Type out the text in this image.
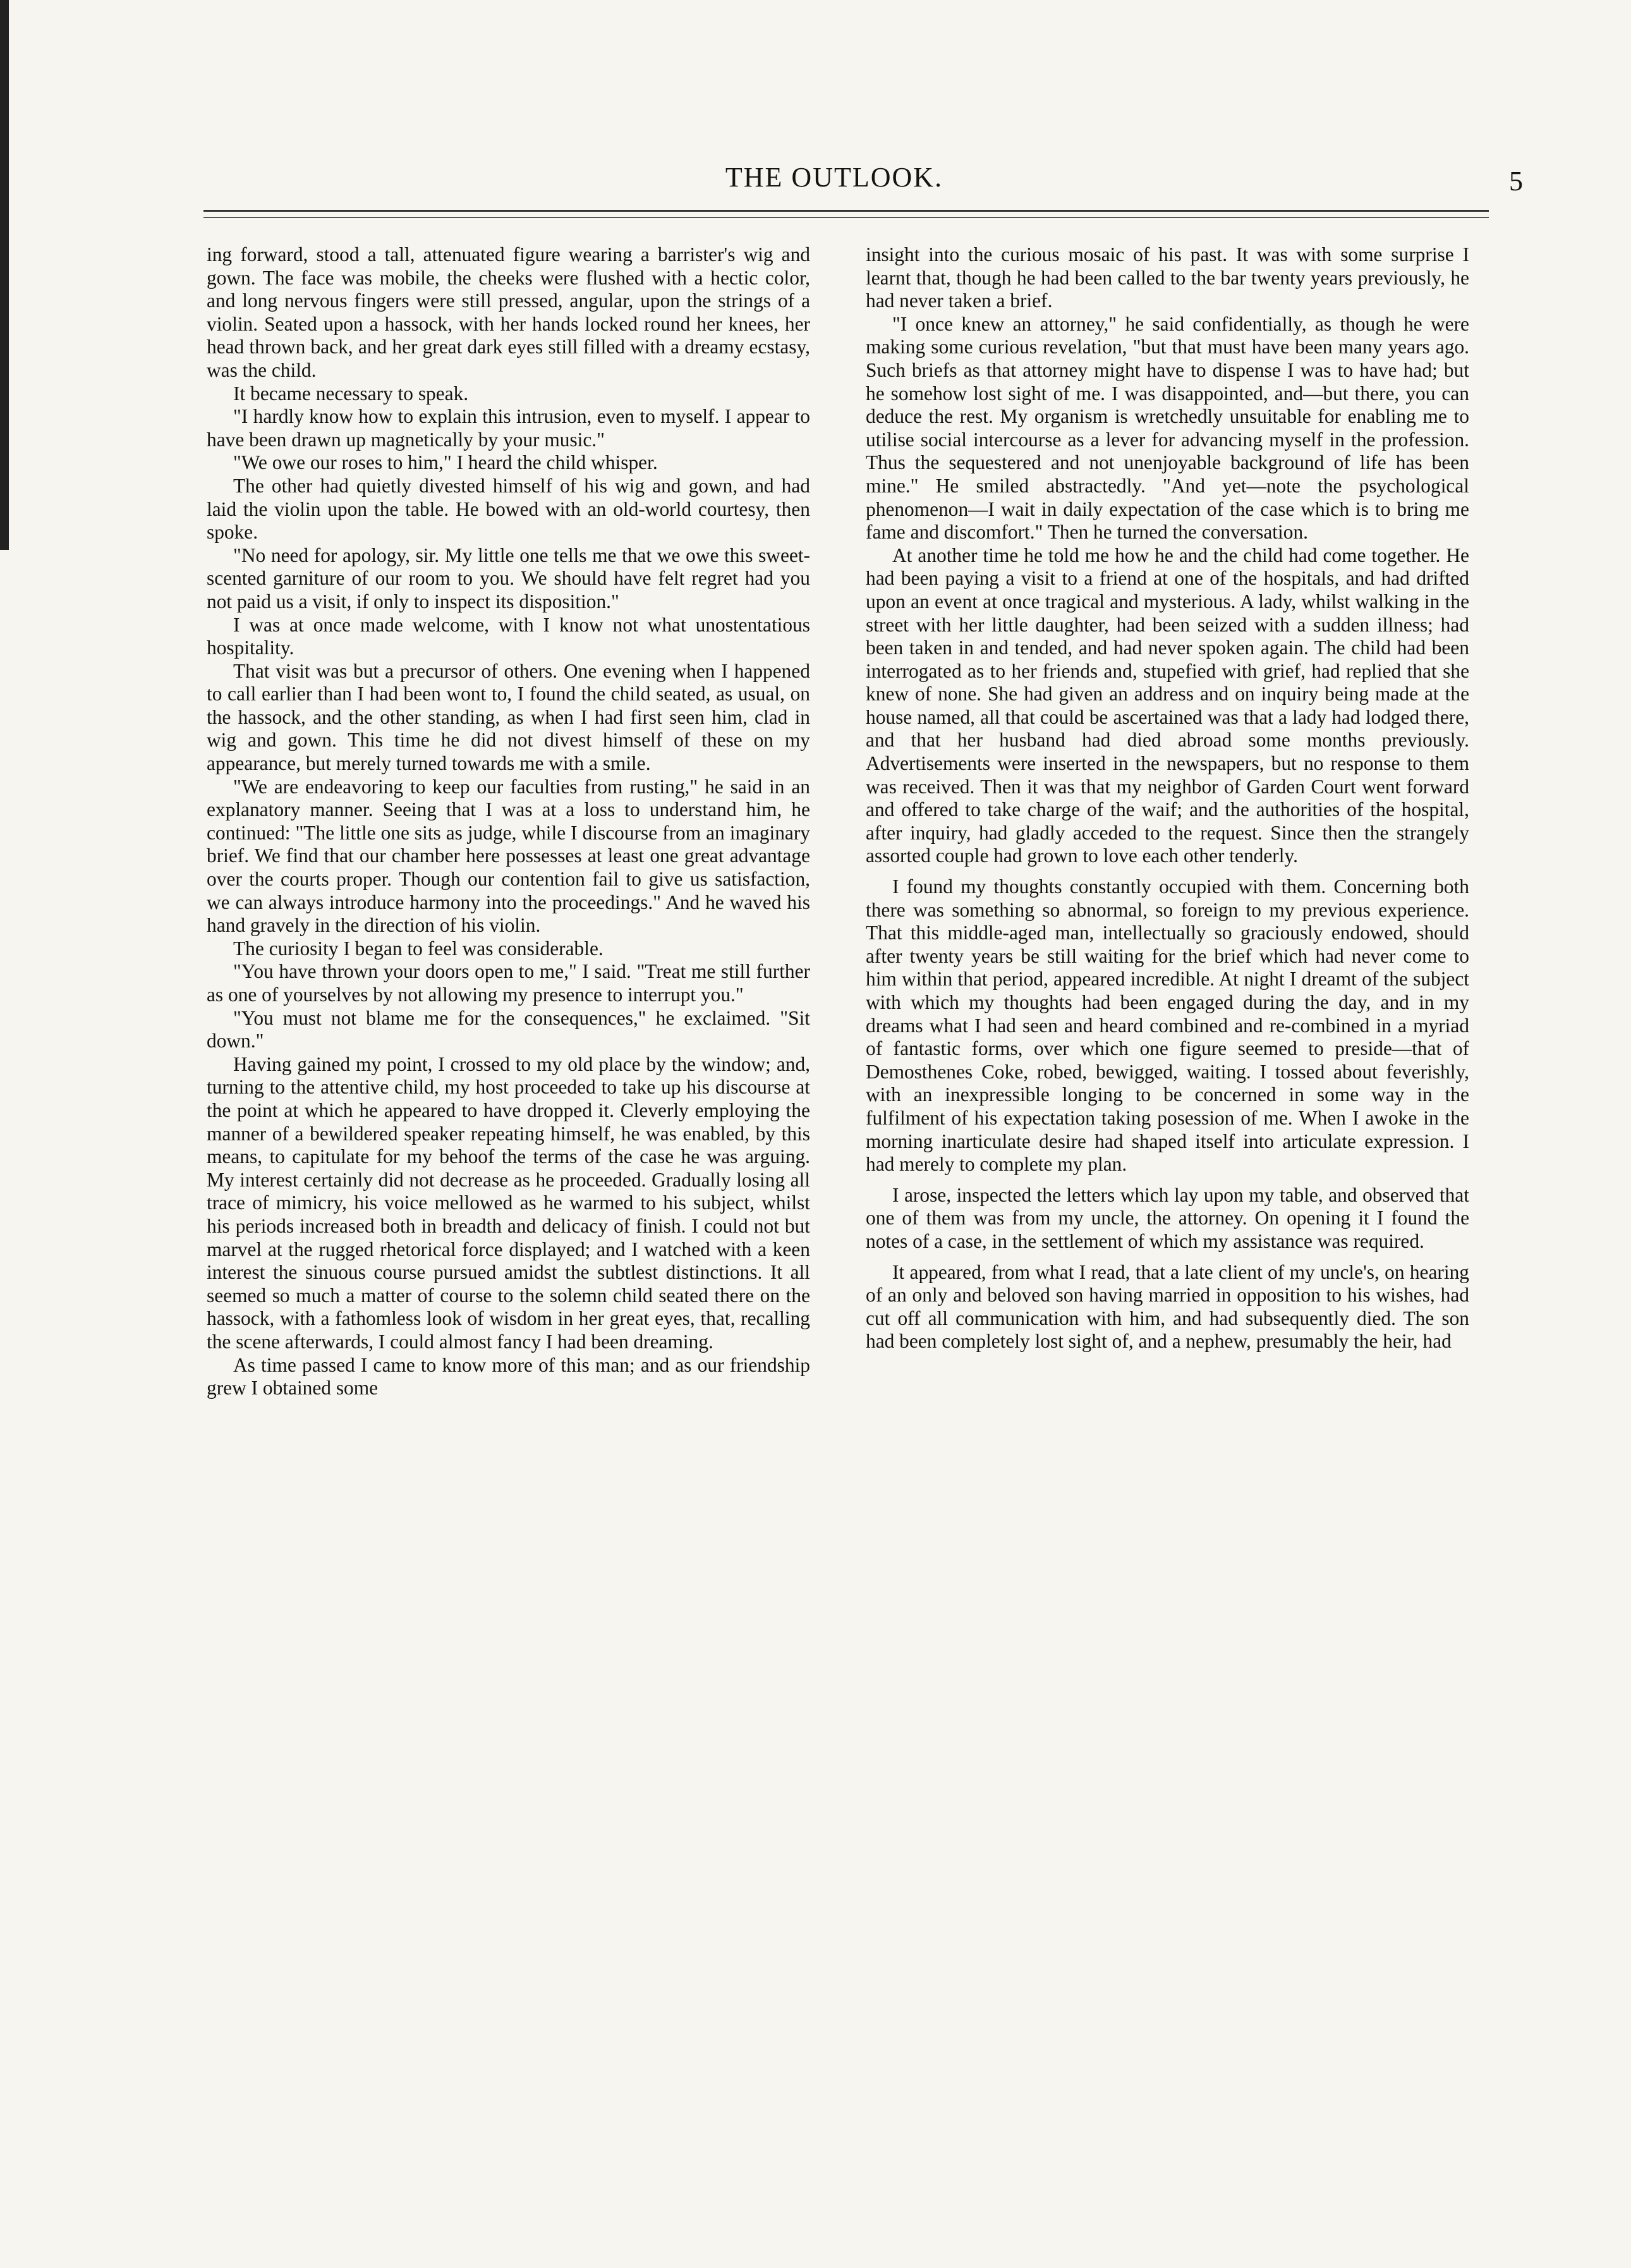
THE OUTLOOK.	5

ing forward, stood a tall, attenuated figure wearing a barrister's wig and gown. The face was mobile, the cheeks were flushed with a hectic color, and long nervous fingers were still pressed, angular, upon the strings of a violin. Seated upon a hassock, with her hands locked round her knees, her head thrown back, and her great dark eyes still filled with a dreamy ecstasy, was the child.

It became necessary to speak.

"I hardly know how to explain this intrusion, even to myself. I appear to have been drawn up magnetically by your music."

"We owe our roses to him," I heard the child whisper.

The other had quietly divested himself of his wig and gown, and had laid the violin upon the table. He bowed with an old-world courtesy, then spoke.

"No need for apology, sir. My little one tells me that we owe this sweet-scented garniture of our room to you. We should have felt regret had you not paid us a visit, if only to inspect its disposition."

I was at once made welcome, with I know not what unostentatious hospitality.

That visit was but a precursor of others. One evening when I happened to call earlier than I had been wont to, I found the child seated, as usual, on the hassock, and the other standing, as when I had first seen him, clad in wig and gown. This time he did not divest himself of these on my appearance, but merely turned towards me with a smile.

"We are endeavoring to keep our faculties from rusting," he said in an explanatory manner. Seeing that I was at a loss to understand him, he continued: "The little one sits as judge, while I discourse from an imaginary brief. We find that our chamber here possesses at least one great advantage over the courts proper. Though our contention fail to give us satisfaction, we can always introduce harmony into the proceedings." And he waved his hand gravely in the direction of his violin.

The curiosity I began to feel was considerable.

"You have thrown your doors open to me," I said. "Treat me still further as one of yourselves by not allowing my presence to interrupt you."

"You must not blame me for the consequences," he exclaimed. "Sit down."

Having gained my point, I crossed to my old place by the window; and, turning to the attentive child, my host proceeded to take up his discourse at the point at which he appeared to have dropped it. Cleverly employing the manner of a bewildered speaker repeating himself, he was enabled, by this means, to capitulate for my behoof the terms of the case he was arguing. My interest certainly did not decrease as he proceeded. Gradually losing all trace of mimicry, his voice mellowed as he warmed to his subject, whilst his periods increased both in breadth and delicacy of finish. I could not but marvel at the rugged rhetorical force displayed; and I watched with a keen interest the sinuous course pursued amidst the subtlest distinctions. It all seemed so much a matter of course to the solemn child seated there on the hassock, with a fathomless look of wisdom in her great eyes, that, recalling the scene afterwards, I could almost fancy I had been dreaming.

As time passed I came to know more of this man; and as our friendship grew I obtained some

insight into the curious mosaic of his past. It was with some surprise I learnt that, though he had been called to the bar twenty years previously, he had never taken a brief.

"I once knew an attorney," he said confidentially, as though he were making some curious revelation, "but that must have been many years ago. Such briefs as that attorney might have to dispense I was to have had; but he somehow lost sight of me. I was disappointed, and—but there, you can deduce the rest. My organism is wretchedly unsuitable for enabling me to utilise social intercourse as a lever for advancing myself in the profession. Thus the sequestered and not unenjoyable background of life has been mine." He smiled abstractedly. "And yet—note the psychological phenomenon—I wait in daily expectation of the case which is to bring me fame and discomfort." Then he turned the conversation.

At another time he told me how he and the child had come together. He had been paying a visit to a friend at one of the hospitals, and had drifted upon an event at once tragical and mysterious. A lady, whilst walking in the street with her little daughter, had been seized with a sudden illness; had been taken in and tended, and had never spoken again. The child had been interrogated as to her friends and, stupefied with grief, had replied that she knew of none. She had given an address and on inquiry being made at the house named, all that could be ascertained was that a lady had lodged there, and that her husband had died abroad some months previously. Advertisements were inserted in the newspapers, but no response to them was received. Then it was that my neighbor of Garden Court went forward and offered to take charge of the waif; and the authorities of the hospital, after inquiry, had gladly acceded to the request. Since then the strangely assorted couple had grown to love each other tenderly.

I found my thoughts constantly occupied with them. Concerning both there was something so abnormal, so foreign to my previous experience. That this middle-aged man, intellectually so graciously endowed, should after twenty years be still waiting for the brief which had never come to him within that period, appeared incredible. At night I dreamt of the subject with which my thoughts had been engaged during the day, and in my dreams what I had seen and heard combined and re-combined in a myriad of fantastic forms, over which one figure seemed to preside—that of Demosthenes Coke, robed, bewigged, waiting. I tossed about feverishly, with an inexpressible longing to be concerned in some way in the fulfilment of his expectation taking posession of me. When I awoke in the morning inarticulate desire had shaped itself into articulate expression. I had merely to complete my plan.

I arose, inspected the letters which lay upon my table, and observed that one of them was from my uncle, the attorney. On opening it I found the notes of a case, in the settlement of which my assistance was required.

It appeared, from what I read, that a late client of my uncle's, on hearing of an only and beloved son having married in opposition to his wishes, had cut off all communication with him, and had subsequently died. The son had been completely lost sight of, and a nephew, presumably the heir, had
